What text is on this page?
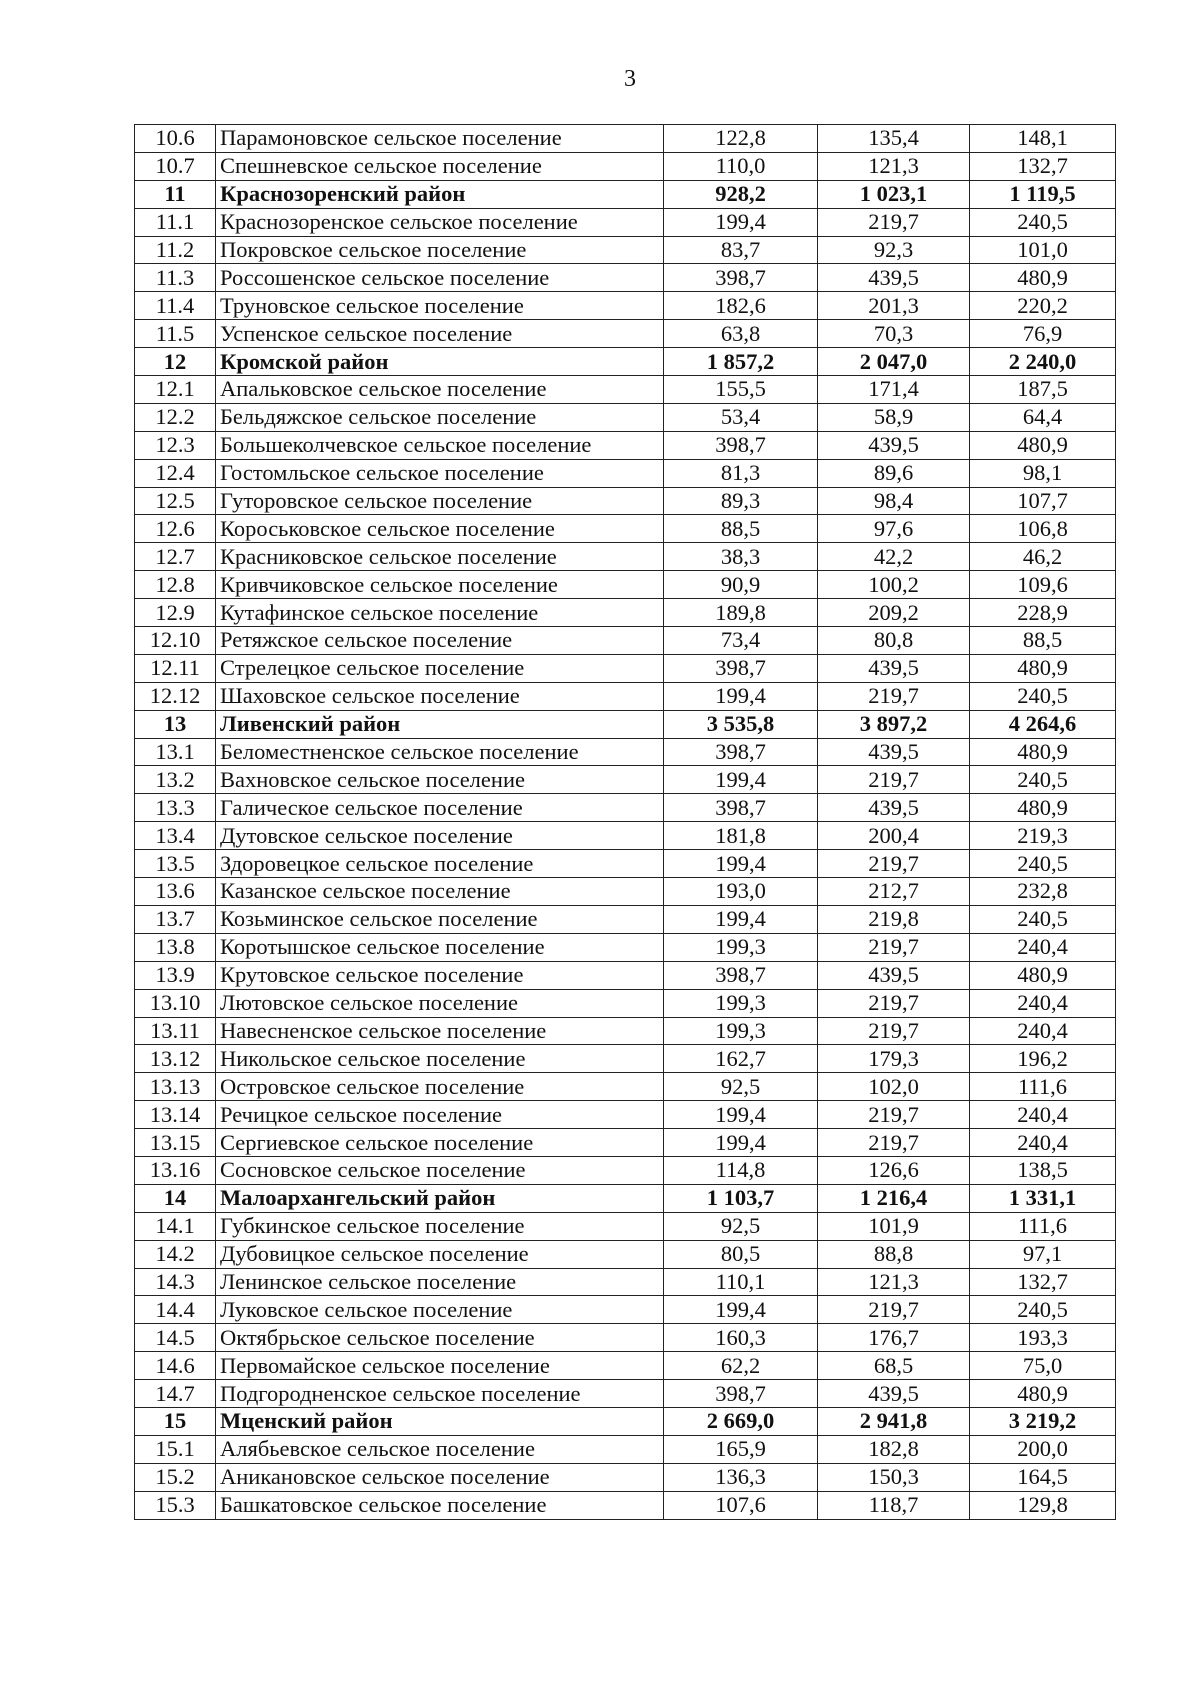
3
10.6	Парамоновское сельское поселение	122,8	135,4	148,1
10.7	Спешневское сельское поселение	110,0	121,3	132,7
11	Краснозоренский район	928,2	1 023,1	1 119,5
11.1	Краснозоренское сельское поселение	199,4	219,7	240,5
11.2	Покровское сельское поселение	83,7	92,3	101,0
11.3	Россошенское сельское поселение	398,7	439,5	480,9
11.4	Труновское сельское поселение	182,6	201,3	220,2
11.5	Успенское сельское поселение	63,8	70,3	76,9
12	Кромской район	1 857,2	2 047,0	2 240,0
12.1	Апальковское сельское поселение	155,5	171,4	187,5
12.2	Бельдяжское сельское поселение	53,4	58,9	64,4
12.3	Большеколчевское сельское поселение	398,7	439,5	480,9
12.4	Гостомльское сельское поселение	81,3	89,6	98,1
12.5	Гуторовское сельское поселение	89,3	98,4	107,7
12.6	Короськовское сельское поселение	88,5	97,6	106,8
12.7	Красниковское сельское поселение	38,3	42,2	46,2
12.8	Кривчиковское сельское поселение	90,9	100,2	109,6
12.9	Кутафинское сельское поселение	189,8	209,2	228,9
12.10	Ретяжское сельское поселение	73,4	80,8	88,5
12.11	Стрелецкое сельское поселение	398,7	439,5	480,9
12.12	Шаховское сельское поселение	199,4	219,7	240,5
13	Ливенский район	3 535,8	3 897,2	4 264,6
13.1	Беломестненское сельское поселение	398,7	439,5	480,9
13.2	Вахновское сельское поселение	199,4	219,7	240,5
13.3	Галическое сельское поселение	398,7	439,5	480,9
13.4	Дутовское сельское поселение	181,8	200,4	219,3
13.5	Здоровецкое сельское поселение	199,4	219,7	240,5
13.6	Казанское сельское поселение	193,0	212,7	232,8
13.7	Козьминское сельское поселение	199,4	219,8	240,5
13.8	Коротышское сельское поселение	199,3	219,7	240,4
13.9	Крутовское сельское поселение	398,7	439,5	480,9
13.10	Лютовское сельское поселение	199,3	219,7	240,4
13.11	Навесненское сельское поселение	199,3	219,7	240,4
13.12	Никольское сельское поселение	162,7	179,3	196,2
13.13	Островское сельское поселение	92,5	102,0	111,6
13.14	Речицкое сельское поселение	199,4	219,7	240,4
13.15	Сергиевское сельское поселение	199,4	219,7	240,4
13.16	Сосновское сельское поселение	114,8	126,6	138,5
14	Малоархангельский район	1 103,7	1 216,4	1 331,1
14.1	Губкинское сельское поселение	92,5	101,9	111,6
14.2	Дубовицкое сельское поселение	80,5	88,8	97,1
14.3	Ленинское сельское поселение	110,1	121,3	132,7
14.4	Луковское сельское поселение	199,4	219,7	240,5
14.5	Октябрьское сельское поселение	160,3	176,7	193,3
14.6	Первомайское сельское поселение	62,2	68,5	75,0
14.7	Подгородненское сельское поселение	398,7	439,5	480,9
15	Мценский район	2 669,0	2 941,8	3 219,2
15.1	Алябьевское сельское поселение	165,9	182,8	200,0
15.2	Аникановское сельское поселение	136,3	150,3	164,5
15.3	Башкатовское сельское поселение	107,6	118,7	129,8
